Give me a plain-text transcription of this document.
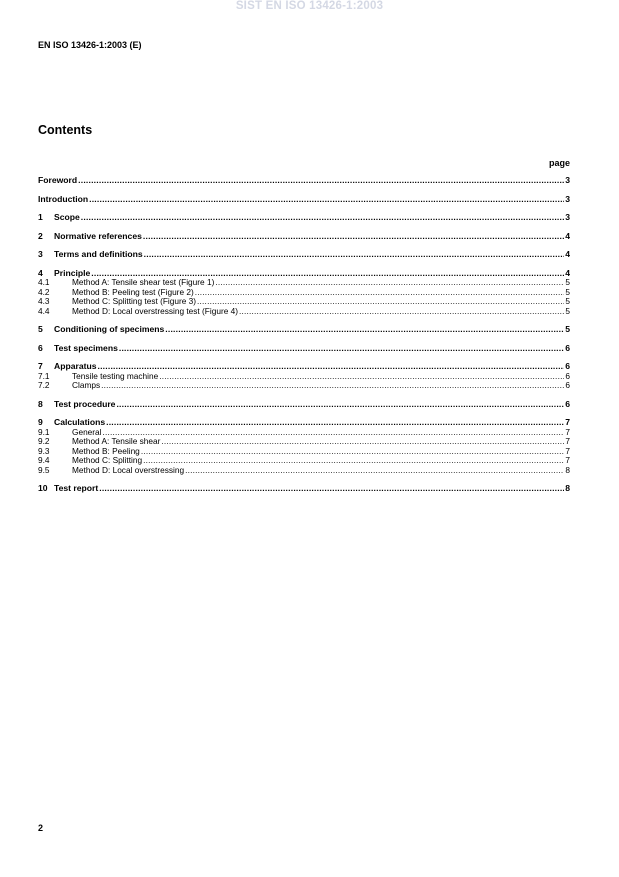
SIST EN ISO 13426-1:2003
EN ISO 13426-1:2003 (E)
Contents
page
Foreword .....	3
Introduction .....	3
1	Scope .....	3
2	Normative references .....	4
3	Terms and definitions .....	4
4	Principle .....	4
4.1	Method A: Tensile shear test (Figure 1) .....	5
4.2	Method B: Peeling test (Figure 2) .....	5
4.3	Method C: Splitting test (Figure 3) .....	5
4.4	Method D: Local overstressing test (Figure 4) .....	5
5	Conditioning of specimens .....	5
6	Test specimens .....	6
7	Apparatus .....	6
7.1	Tensile testing machine .....	6
7.2	Clamps .....	6
8	Test procedure .....	6
9	Calculations .....	7
9.1	General .....	7
9.2	Method A: Tensile shear .....	7
9.3	Method B: Peeling .....	7
9.4	Method C: Splitting .....	7
9.5	Method D: Local overstressing .....	8
10 Test report .....	8
2
